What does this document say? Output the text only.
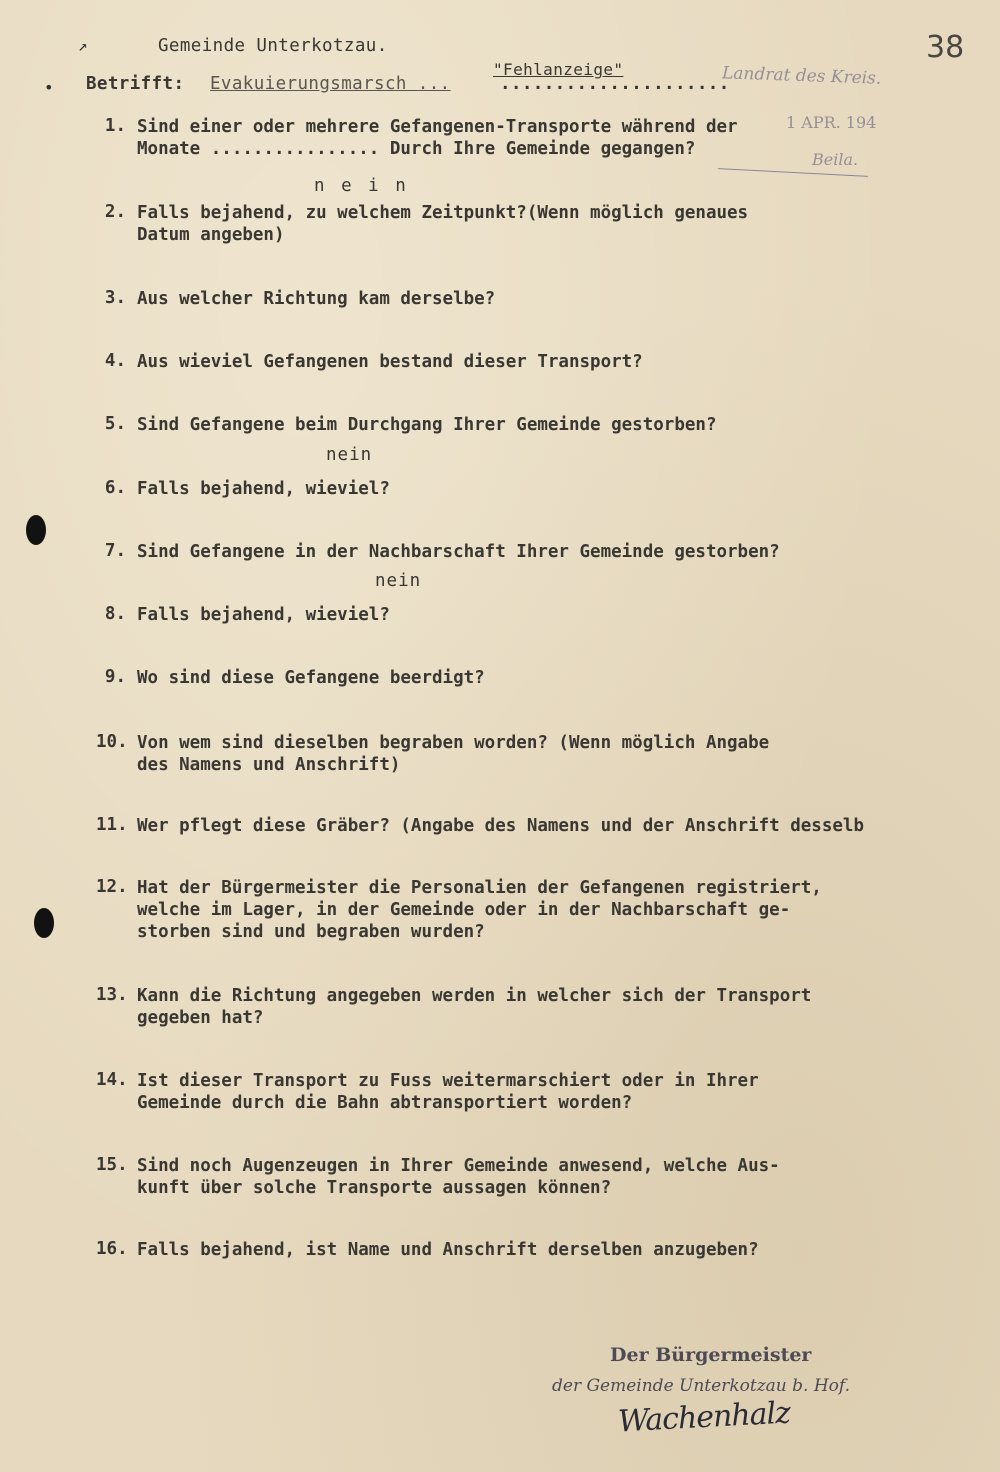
↗
•
Gemeinde Unterkotzau.	38
Betrifft: Evakuierungsmarsch ...
"Fehlanzeige"
.....................
Landrat des Kreis.
1 APR. 194
Beila.
1. Sind einer oder mehrere Gefangenen-Transporte während der
Monate ................ Durch Ihre Gemeinde gegangen?
n e i n
2. Falls bejahend, zu welchem Zeitpunkt?(Wenn möglich genaues
Datum angeben)
3. Aus welcher Richtung kam derselbe?
4. Aus wieviel Gefangenen bestand dieser Transport?
5. Sind Gefangene beim Durchgang Ihrer Gemeinde gestorben?
nein
6. Falls bejahend, wieviel?
7. Sind Gefangene in der Nachbarschaft Ihrer Gemeinde gestorben?
nein
8. Falls bejahend, wieviel?
9. Wo sind diese Gefangene beerdigt?
10. Von wem sind dieselben begraben worden? (Wenn möglich Angabe
des Namens und Anschrift)
11. Wer pflegt diese Gräber? (Angabe des Namens und der Anschrift desselb
12. Hat der Bürgermeister die Personalien der Gefangenen registriert,
welche im Lager, in der Gemeinde oder in der Nachbarschaft ge-
storben sind und begraben wurden?
13. Kann die Richtung angegeben werden in welcher sich der Transport
gegeben hat?
14. Ist dieser Transport zu Fuss weitermarschiert oder in Ihrer
Gemeinde durch die Bahn abtransportiert worden?
15. Sind noch Augenzeugen in Ihrer Gemeinde anwesend, welche Aus-
kunft über solche Transporte aussagen können?
16. Falls bejahend, ist Name und Anschrift derselben anzugeben?
Der Bürgermeister
der Gemeinde Unterkotzau b. Hof.
Wachenhalz
